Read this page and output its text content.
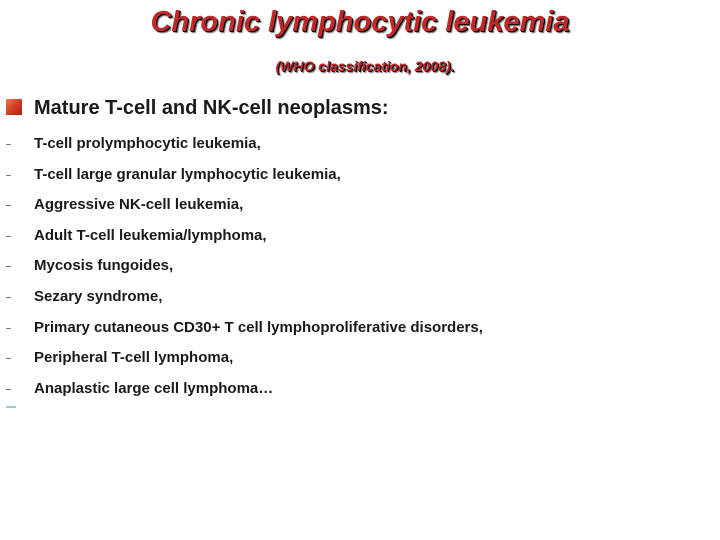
Chronic lymphocytic leukemia
(WHO classification, 2008).
Mature T-cell and NK-cell neoplasms:
T-cell prolymphocytic leukemia,
T-cell large granular lymphocytic leukemia,
Aggressive NK-cell leukemia,
Adult T-cell leukemia/lymphoma,
Mycosis fungoides,
Sezary syndrome,
Primary cutaneous CD30+ T cell lymphoproliferative disorders,
Peripheral T-cell lymphoma,
Anaplastic large cell lymphoma…
